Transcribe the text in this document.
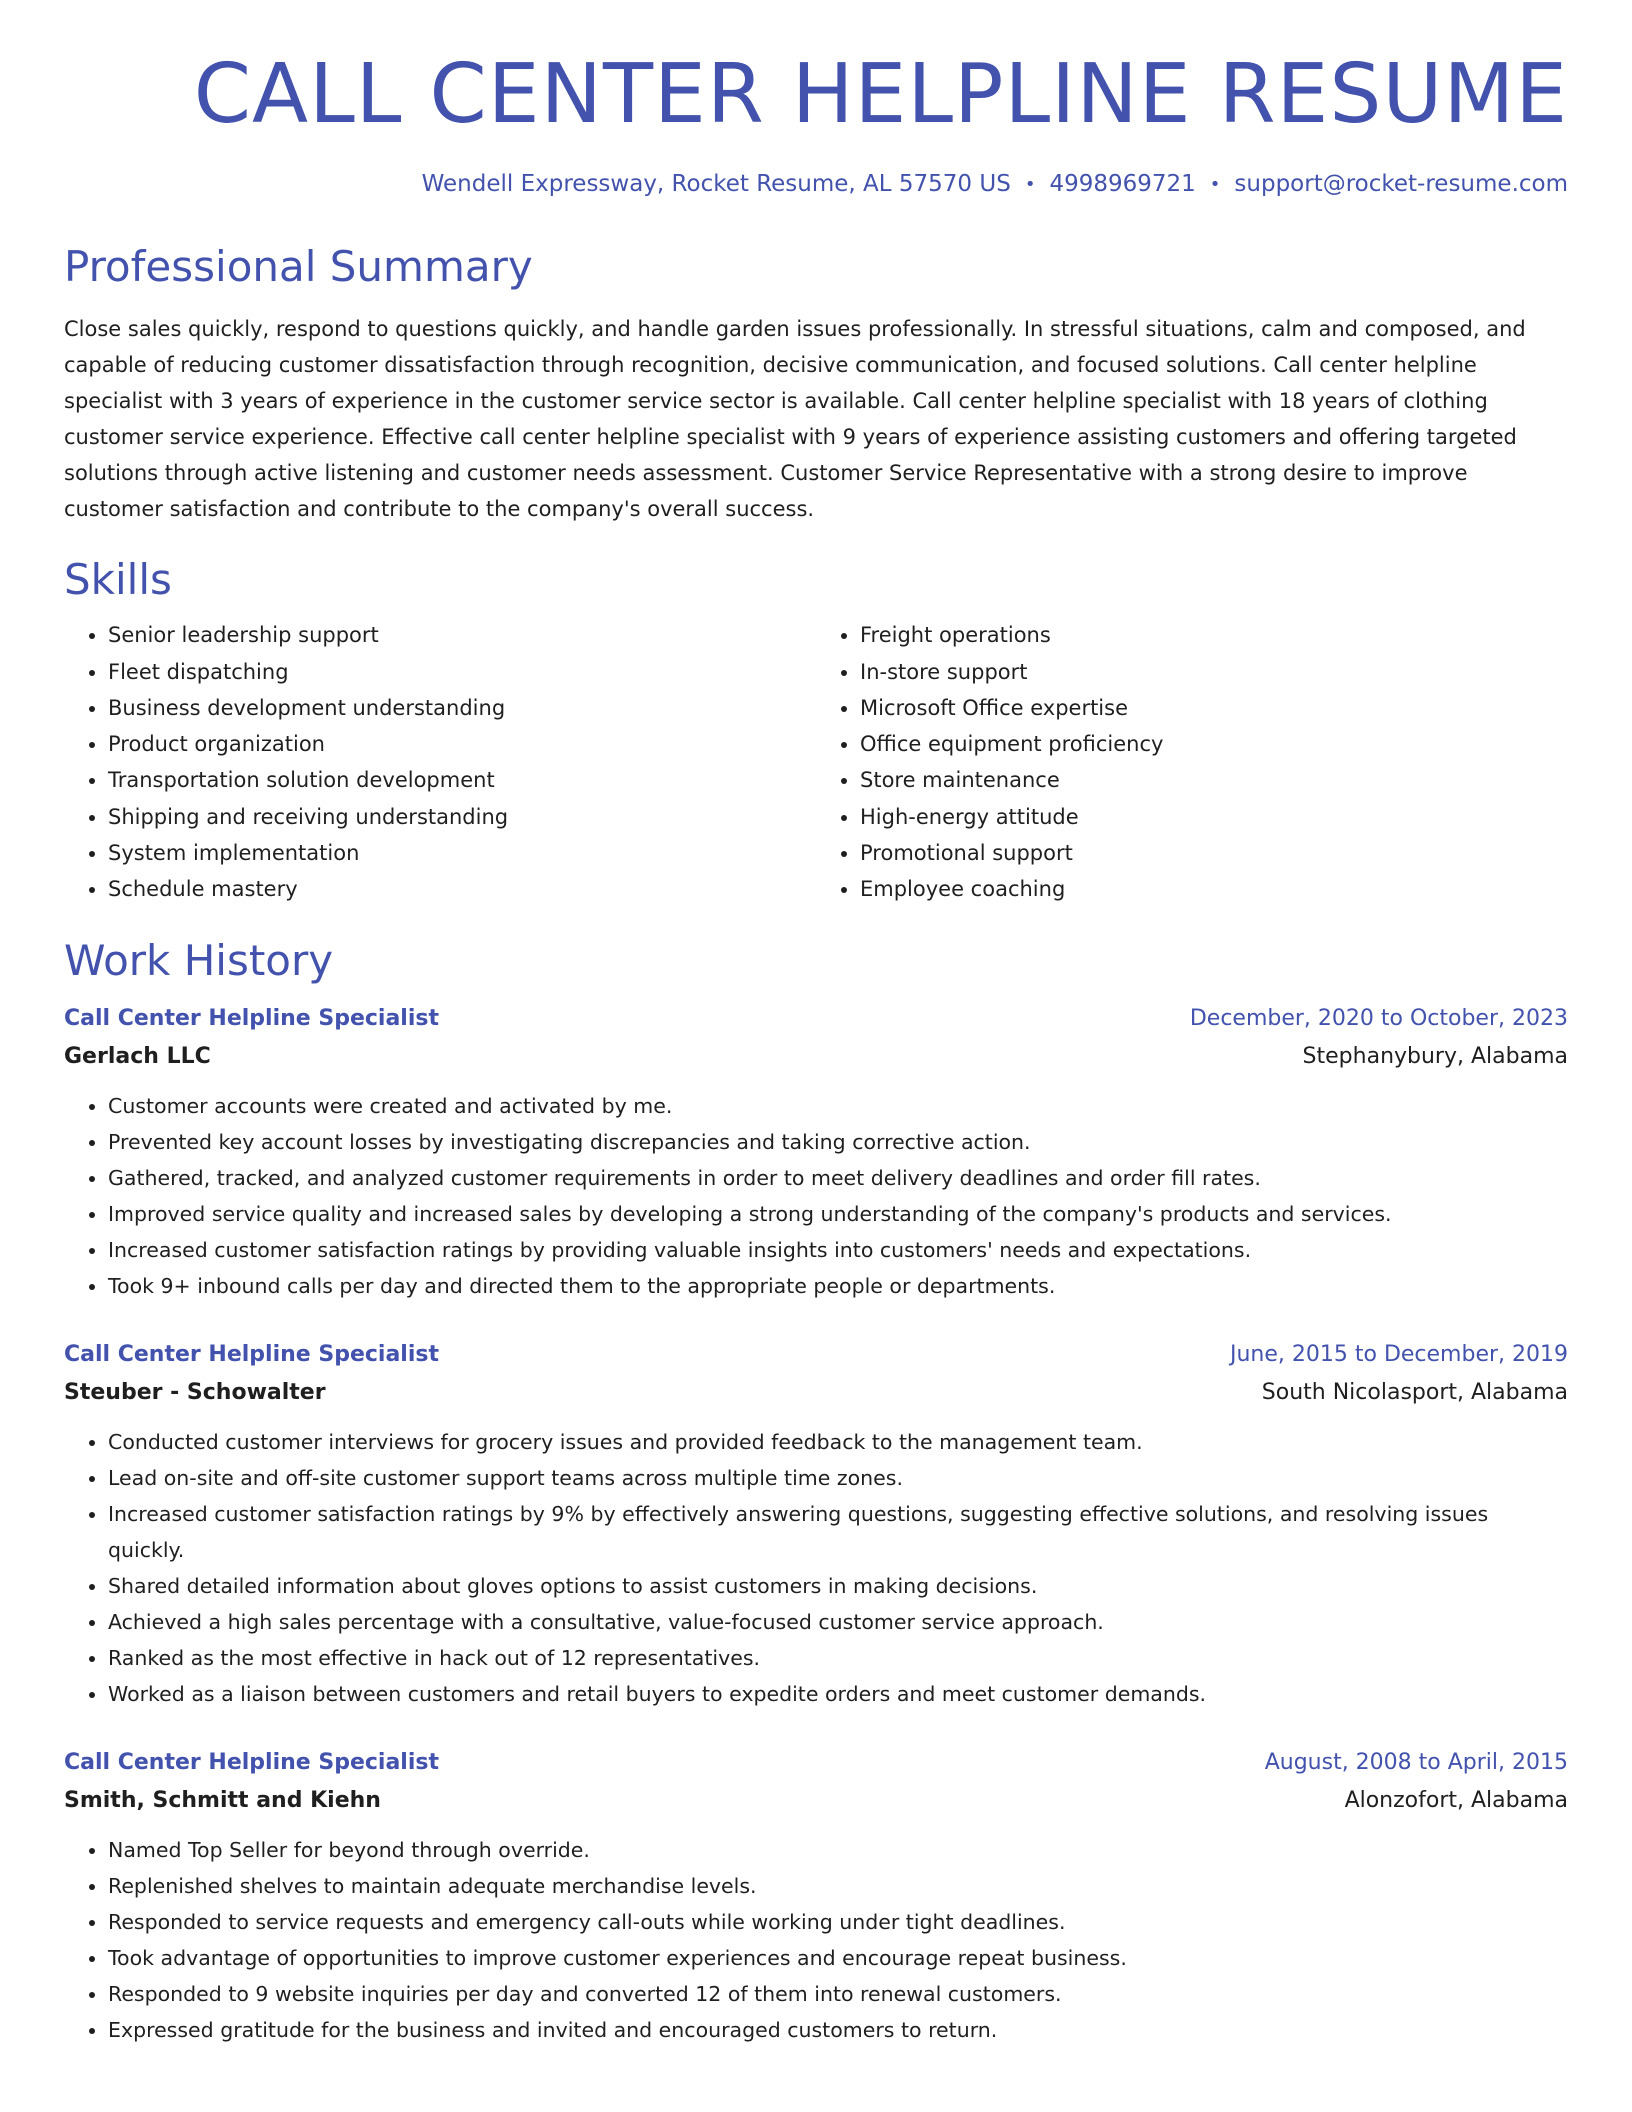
CALL CENTER HELPLINE RESUME
Wendell Expressway, Rocket Resume, AL 57570 US • 4998969721 • support@rocket-resume.com
Professional Summary

Close sales quickly, respond to questions quickly, and handle garden issues professionally. In stressful situations, calm and composed, and capable of reducing customer dissatisfaction through recognition, decisive communication, and focused solutions. Call center helpline specialist with 3 years of experience in the customer service sector is available. Call center helpline specialist with 18 years of clothing customer service experience. Effective call center helpline specialist with 9 years of experience assisting customers and offering targeted solutions through active listening and customer needs assessment. Customer Service Representative with a strong desire to improve customer satisfaction and contribute to the company's overall success.

Skills
• Senior leadership support
• Fleet dispatching
• Business development understanding
• Product organization
• Transportation solution development
• Shipping and receiving understanding
• System implementation
• Schedule mastery
• Freight operations
• In-store support
• Microsoft Office expertise
• Office equipment proficiency
• Store maintenance
• High-energy attitude
• Promotional support
• Employee coaching
Work History
Call Center Helpline Specialist	December, 2020 to October, 2023
Gerlach LLC	Stephanybury, Alabama
• Customer accounts were created and activated by me.
• Prevented key account losses by investigating discrepancies and taking corrective action.
• Gathered, tracked, and analyzed customer requirements in order to meet delivery deadlines and order fill rates.
• Improved service quality and increased sales by developing a strong understanding of the company's products and services.
• Increased customer satisfaction ratings by providing valuable insights into customers' needs and expectations.
• Took 9+ inbound calls per day and directed them to the appropriate people or departments.
Call Center Helpline Specialist	June, 2015 to December, 2019
Steuber - Schowalter	South Nicolasport, Alabama
• Conducted customer interviews for grocery issues and provided feedback to the management team.
• Lead on-site and off-site customer support teams across multiple time zones.
• Increased customer satisfaction ratings by 9% by effectively answering questions, suggesting effective solutions, and resolving issues quickly.
• Shared detailed information about gloves options to assist customers in making decisions.
• Achieved a high sales percentage with a consultative, value-focused customer service approach.
• Ranked as the most effective in hack out of 12 representatives.
• Worked as a liaison between customers and retail buyers to expedite orders and meet customer demands.
Call Center Helpline Specialist	August, 2008 to April, 2015
Smith, Schmitt and Kiehn	Alonzofort, Alabama
• Named Top Seller for beyond through override.
• Replenished shelves to maintain adequate merchandise levels.
• Responded to service requests and emergency call-outs while working under tight deadlines.
• Took advantage of opportunities to improve customer experiences and encourage repeat business.
• Responded to 9 website inquiries per day and converted 12 of them into renewal customers.
• Expressed gratitude for the business and invited and encouraged customers to return.
